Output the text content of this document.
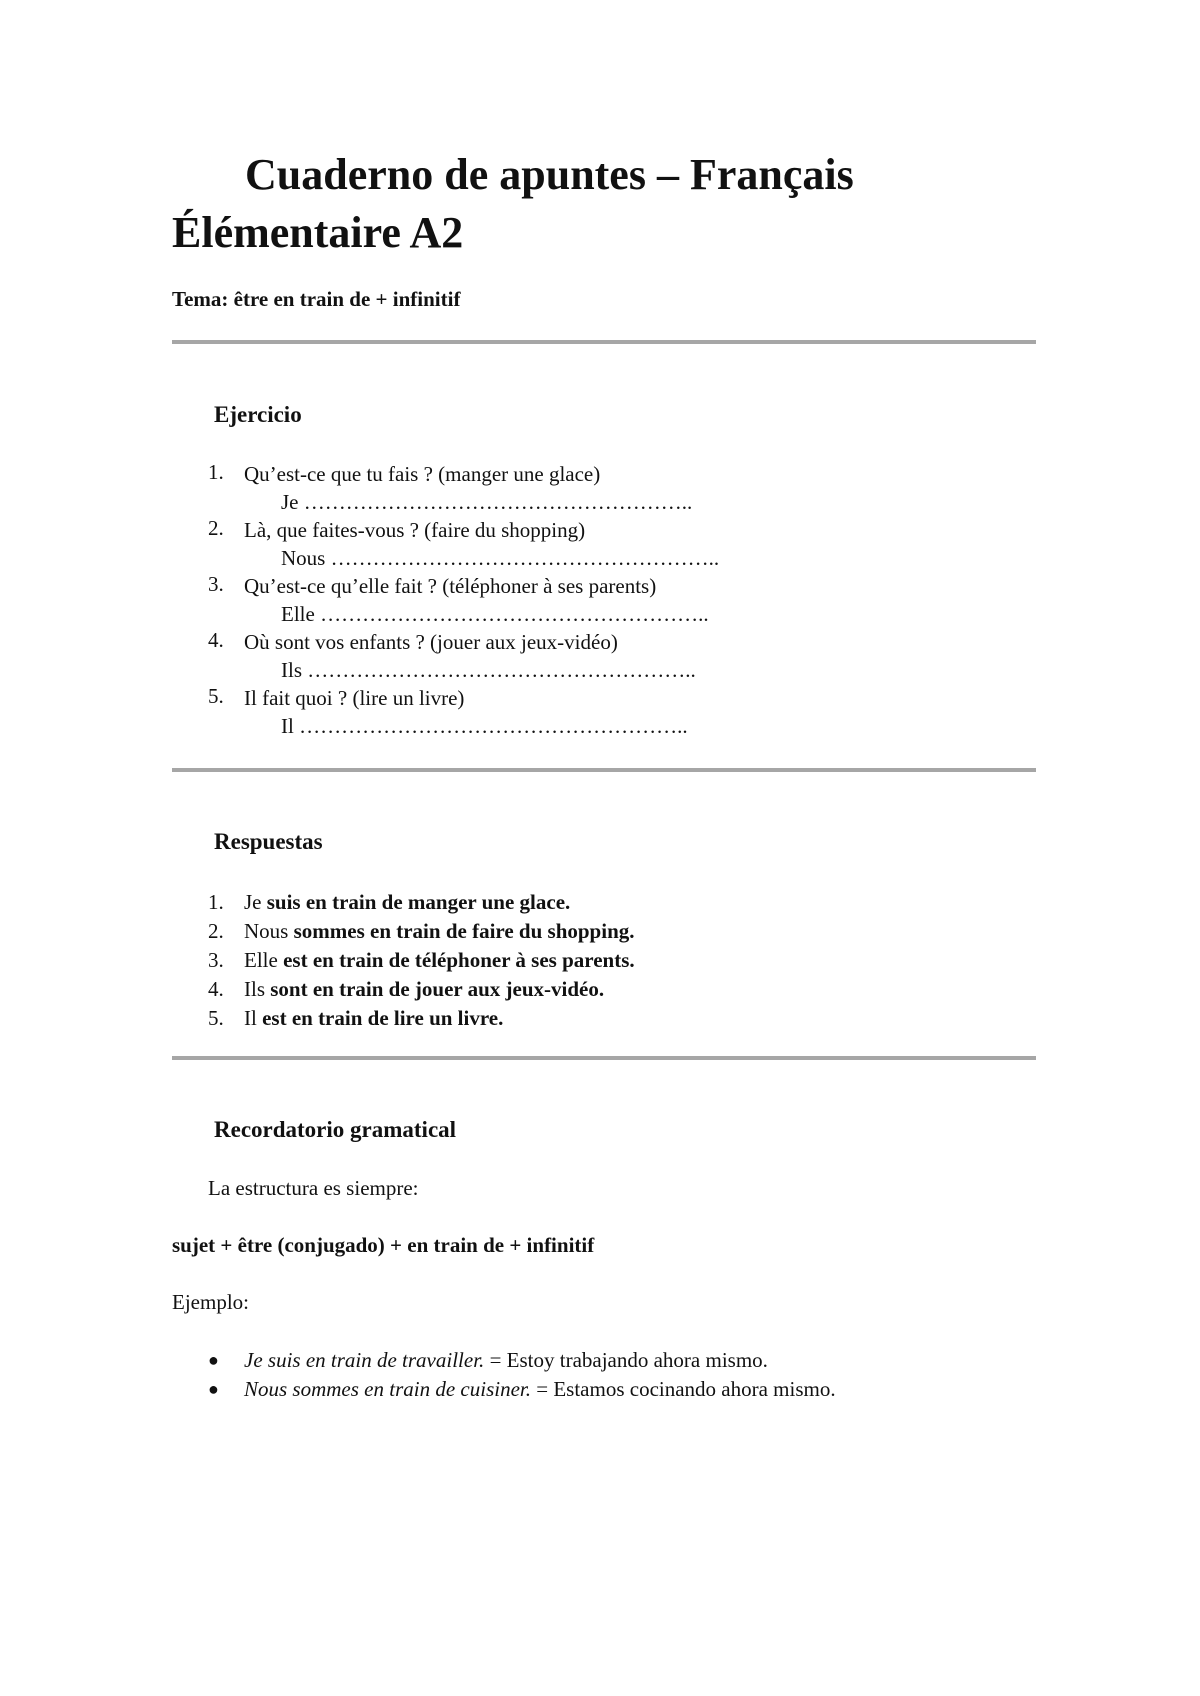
Cuaderno de apuntes – Français
Élémentaire A2

Tema: être en train de + infinitif

Ejercicio
1. Qu’est-ce que tu fais ? (manger une glace)
Je ………………………………………………..
2. Là, que faites-vous ? (faire du shopping)
Nous ………………………………………………..
3. Qu’est-ce qu’elle fait ? (téléphoner à ses parents)
Elle ………………………………………………..
4. Où sont vos enfants ? (jouer aux jeux-vidéo)
Ils ………………………………………………..
5. Il fait quoi ? (lire un livre)
Il ………………………………………………..
Respuestas
1. Je suis en train de manger une glace.
2. Nous sommes en train de faire du shopping.
3. Elle est en train de téléphoner à ses parents.
4. Ils sont en train de jouer aux jeux-vidéo.
5. Il est en train de lire un livre.
Recordatorio gramatical

La estructura es siempre:

sujet + être (conjugado) + en train de + infinitif

Ejemplo:

● Je suis en train de travailler. = Estoy trabajando ahora mismo.
● Nous sommes en train de cuisiner. = Estamos cocinando ahora mismo.
